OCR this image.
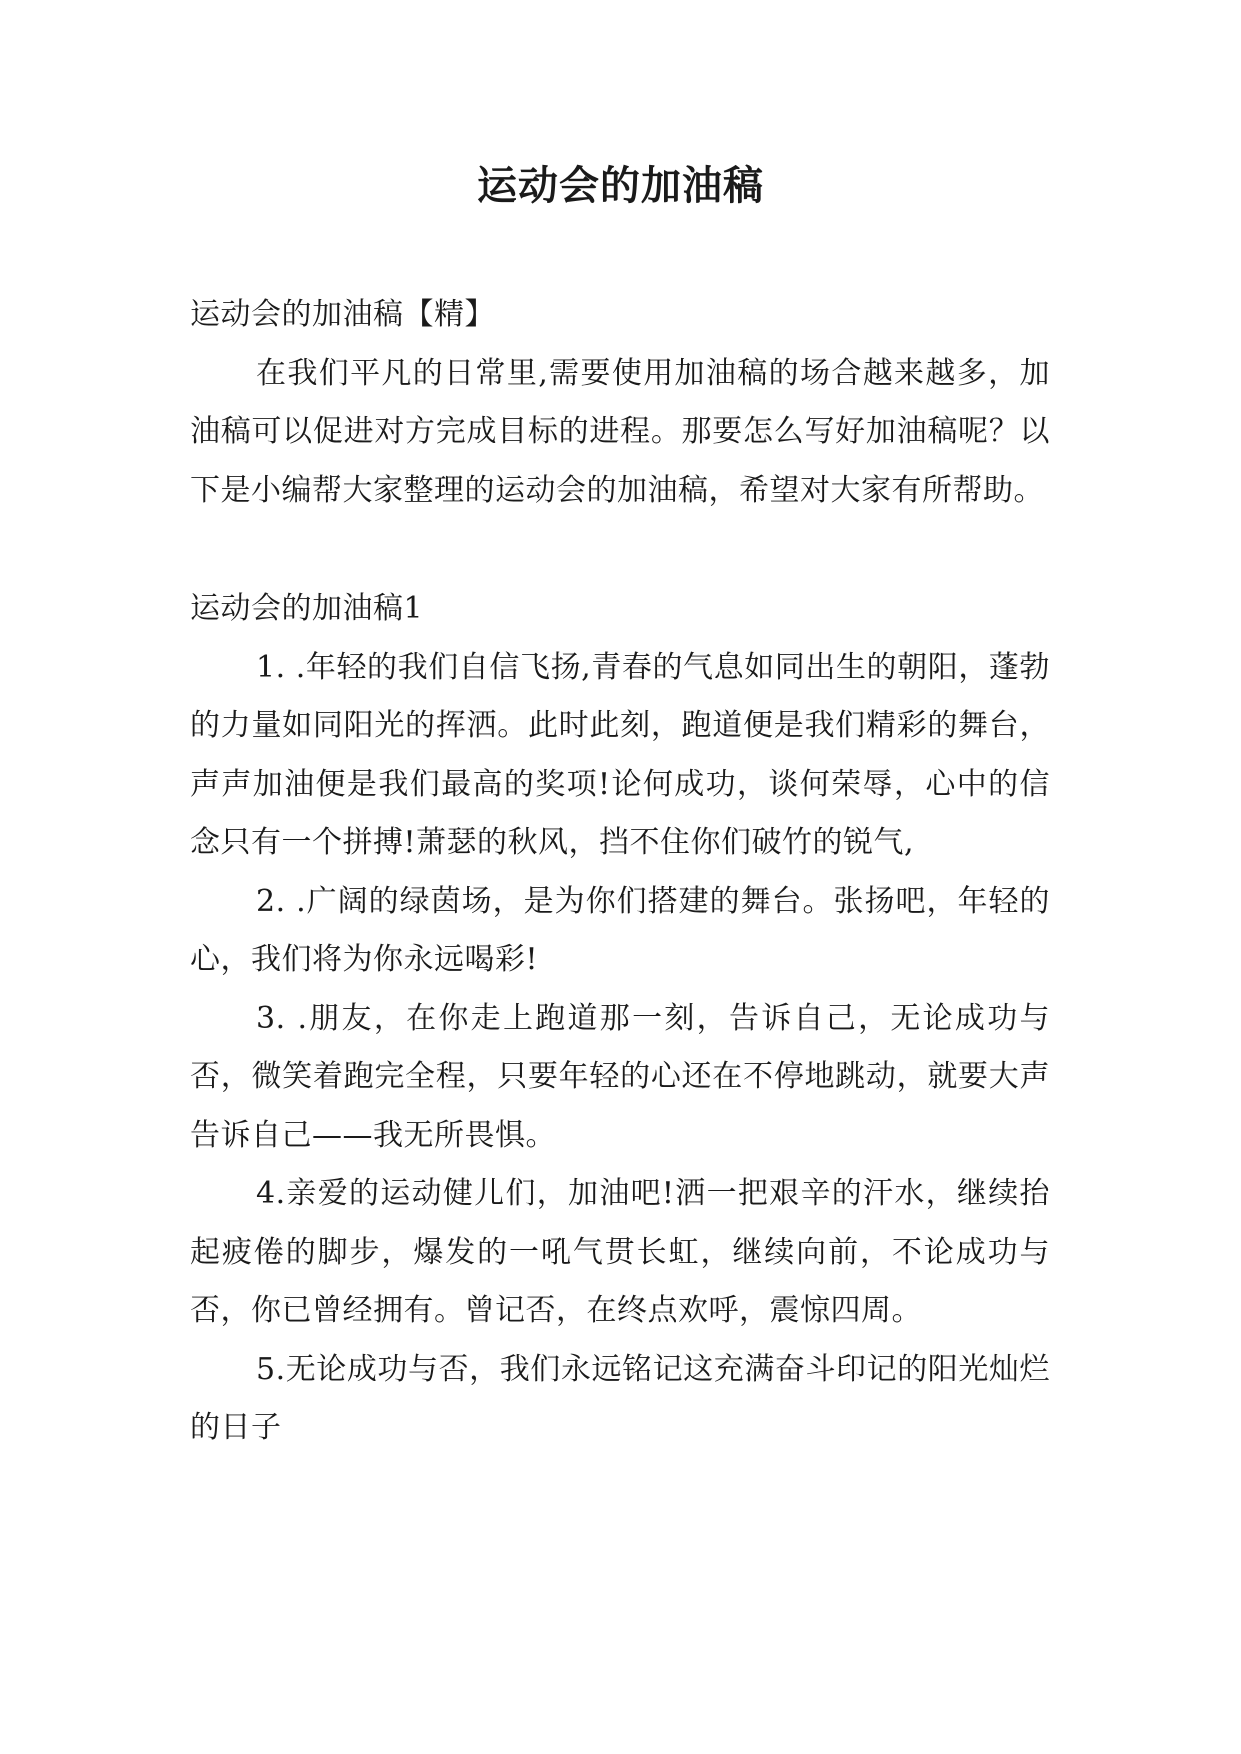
运动会的加油稿

运动会的加油稿【精】

在我们平凡的日常里,需要使用加油稿的场合越来越多，加油稿可以促进对方完成目标的进程。那要怎么写好加油稿呢？以下是小编帮大家整理的运动会的加油稿，希望对大家有所帮助。

运动会的加油稿1

1. .年轻的我们自信飞扬,青春的气息如同出生的朝阳，蓬勃的力量如同阳光的挥洒。此时此刻，跑道便是我们精彩的舞台，声声加油便是我们最高的奖项!论何成功，谈何荣辱，心中的信念只有一个拼搏!萧瑟的秋风，挡不住你们破竹的锐气,

2. .广阔的绿茵场，是为你们搭建的舞台。张扬吧，年轻的心，我们将为你永远喝彩!

3. .朋友，在你走上跑道那一刻，告诉自己，无论成功与否，微笑着跑完全程，只要年轻的心还在不停地跳动，就要大声告诉自己——我无所畏惧。

4.亲爱的运动健儿们，加油吧!洒一把艰辛的汗水，继续抬起疲倦的脚步，爆发的一吼气贯长虹，继续向前，不论成功与否，你已曾经拥有。曾记否，在终点欢呼，震惊四周。

5.无论成功与否，我们永远铭记这充满奋斗印记的阳光灿烂的日子
